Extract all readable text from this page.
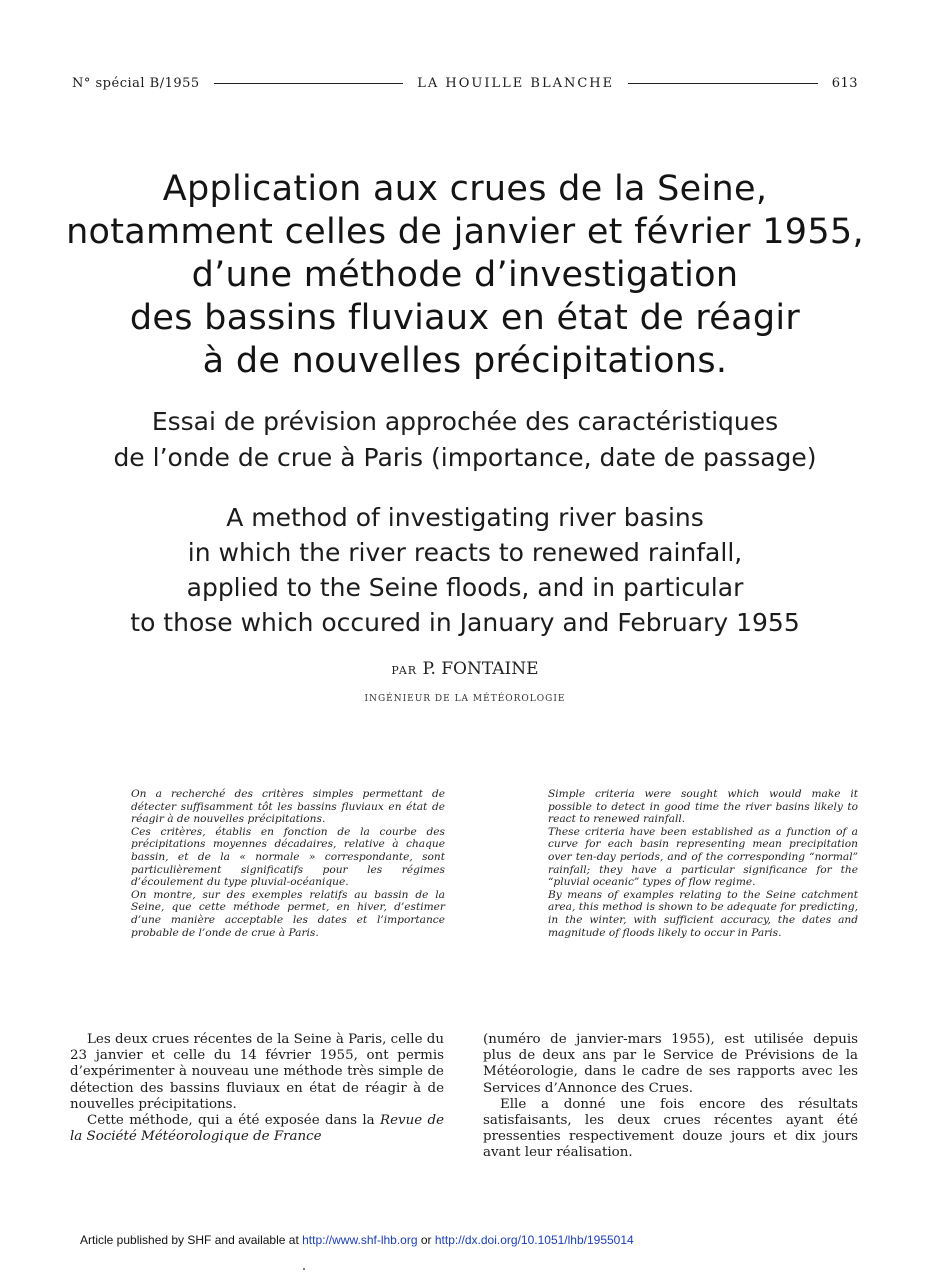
N° spécial B/1955	LA HOUILLE BLANCHE	613
Application aux crues de la Seine,
notamment celles de janvier et février 1955,
d’une méthode d’investigation
des bassins fluviaux en état de réagir
à de nouvelles précipitations.
Essai de prévision approchée des caractéristiques
de l’onde de crue à Paris (importance, date de passage)
A method of investigating river basins
in which the river reacts to renewed rainfall,
applied to the Seine floods, and in particular
to those which occured in January and February 1955
PAR P. FONTAINE
INGÉNIEUR DE LA MÉTÉOROLOGIE

On a recherché des critères simples permettant de détecter suffisamment tôt les bassins fluviaux en état de réagir à de nouvelles précipitations.

Ces critères, établis en fonction de la courbe des précipitations moyennes décadaires, relative à chaque bassin, et de la « normale » correspondante, sont particulièrement significatifs pour les régimes d’écoulement du type pluvial-océanique.

On montre, sur des exemples relatifs au bassin de la Seine, que cette méthode permet, en hiver, d’estimer d’une manière acceptable les dates et l’importance probable de l’onde de crue à Paris.

Simple criteria were sought which would make it possible to detect in good time the river basins likely to react to renewed rainfall.

These criteria have been established as a function of a curve for each basin representing mean precipitation over ten-day periods, and of the corresponding “normal” rainfall; they have a particular significance for the “pluvial oceanic” types of flow regime.

By means of examples relating to the Seine catchment area, this method is shown to be adequate for predicting, in the winter, with sufficient accuracy, the dates and magnitude of floods likely to occur in Paris.

Les deux crues récentes de la Seine à Paris, celle du 23 janvier et celle du 14 février 1955, ont permis d’expérimenter à nouveau une méthode très simple de détection des bassins fluviaux en état de réagir à de nouvelles précipitations.

Cette méthode, qui a été exposée dans la Revue de la Société Météorologique de France

(numéro de janvier-mars 1955), est utilisée depuis plus de deux ans par le Service de Prévisions de la Météorologie, dans le cadre de ses rapports avec les Services d’Annonce des Crues.

Elle a donné une fois encore des résultats satisfaisants, les deux crues récentes ayant été pressenties respectivement douze jours et dix jours avant leur réalisation.

Article published by SHF and available at http://www.shf-lhb.org or http://dx.doi.org/10.1051/lhb/1955014
